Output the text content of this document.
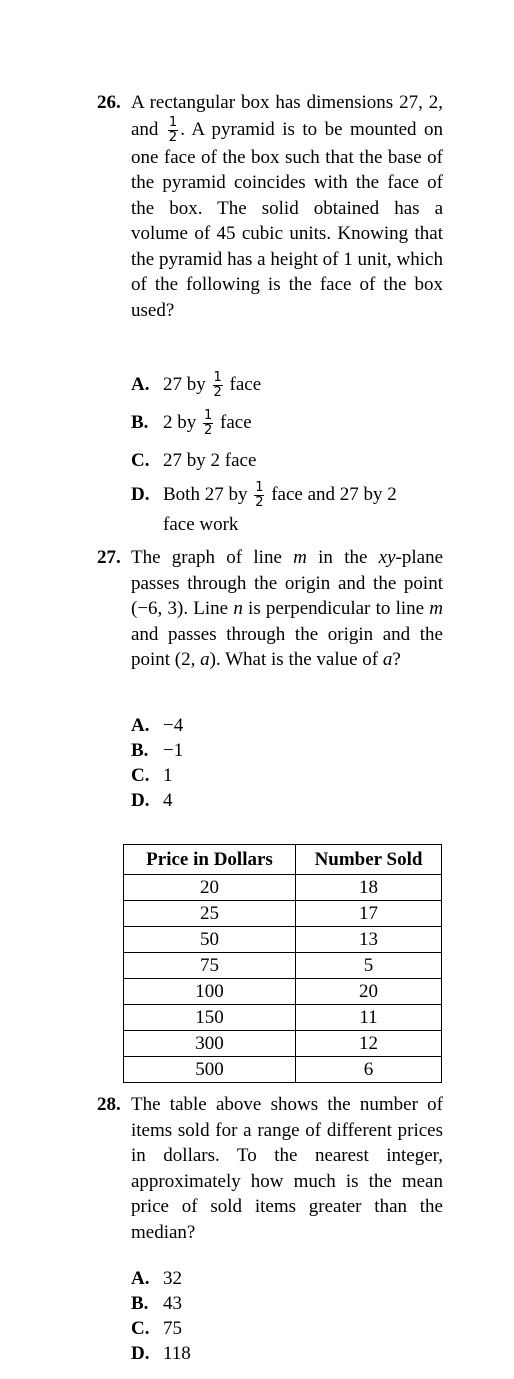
26. A rectangular box has dimensions 27, 2, and $\frac{1}{2}$ . A pyramid is to be mounted on one face of the box such that the base of the pyramid coincides with the face of the box. The solid obtained has a volume of 45 cubic units. Knowing that the pyramid has a height of 1 unit, which of the following is the face of the box used?
A. 27 by $\frac{1}{2}$ face
B. 2 by $\frac{1}{2}$ face
C. 27 by 2 face
D. Both 27 by $\frac{1}{2}$ face and 27 by 2
face work
27. The graph of line m in the xy-plane passes through the origin and the point (−6, 3). Line n is perpendicular to line m and passes through the origin and the point (2, a). What is the value of a?
A. −4
B. −1
C. 1
D. 4
Price in Dollars	Number Sold
20	18
25	17
50	13
75	5
100	20
150	11
300	12
500	6
28. The table above shows the number of items sold for a range of different prices in dollars. To the nearest integer, approximately how much is the mean price of sold items greater than the median?
A. 32
B. 43
C. 75
D. 118
